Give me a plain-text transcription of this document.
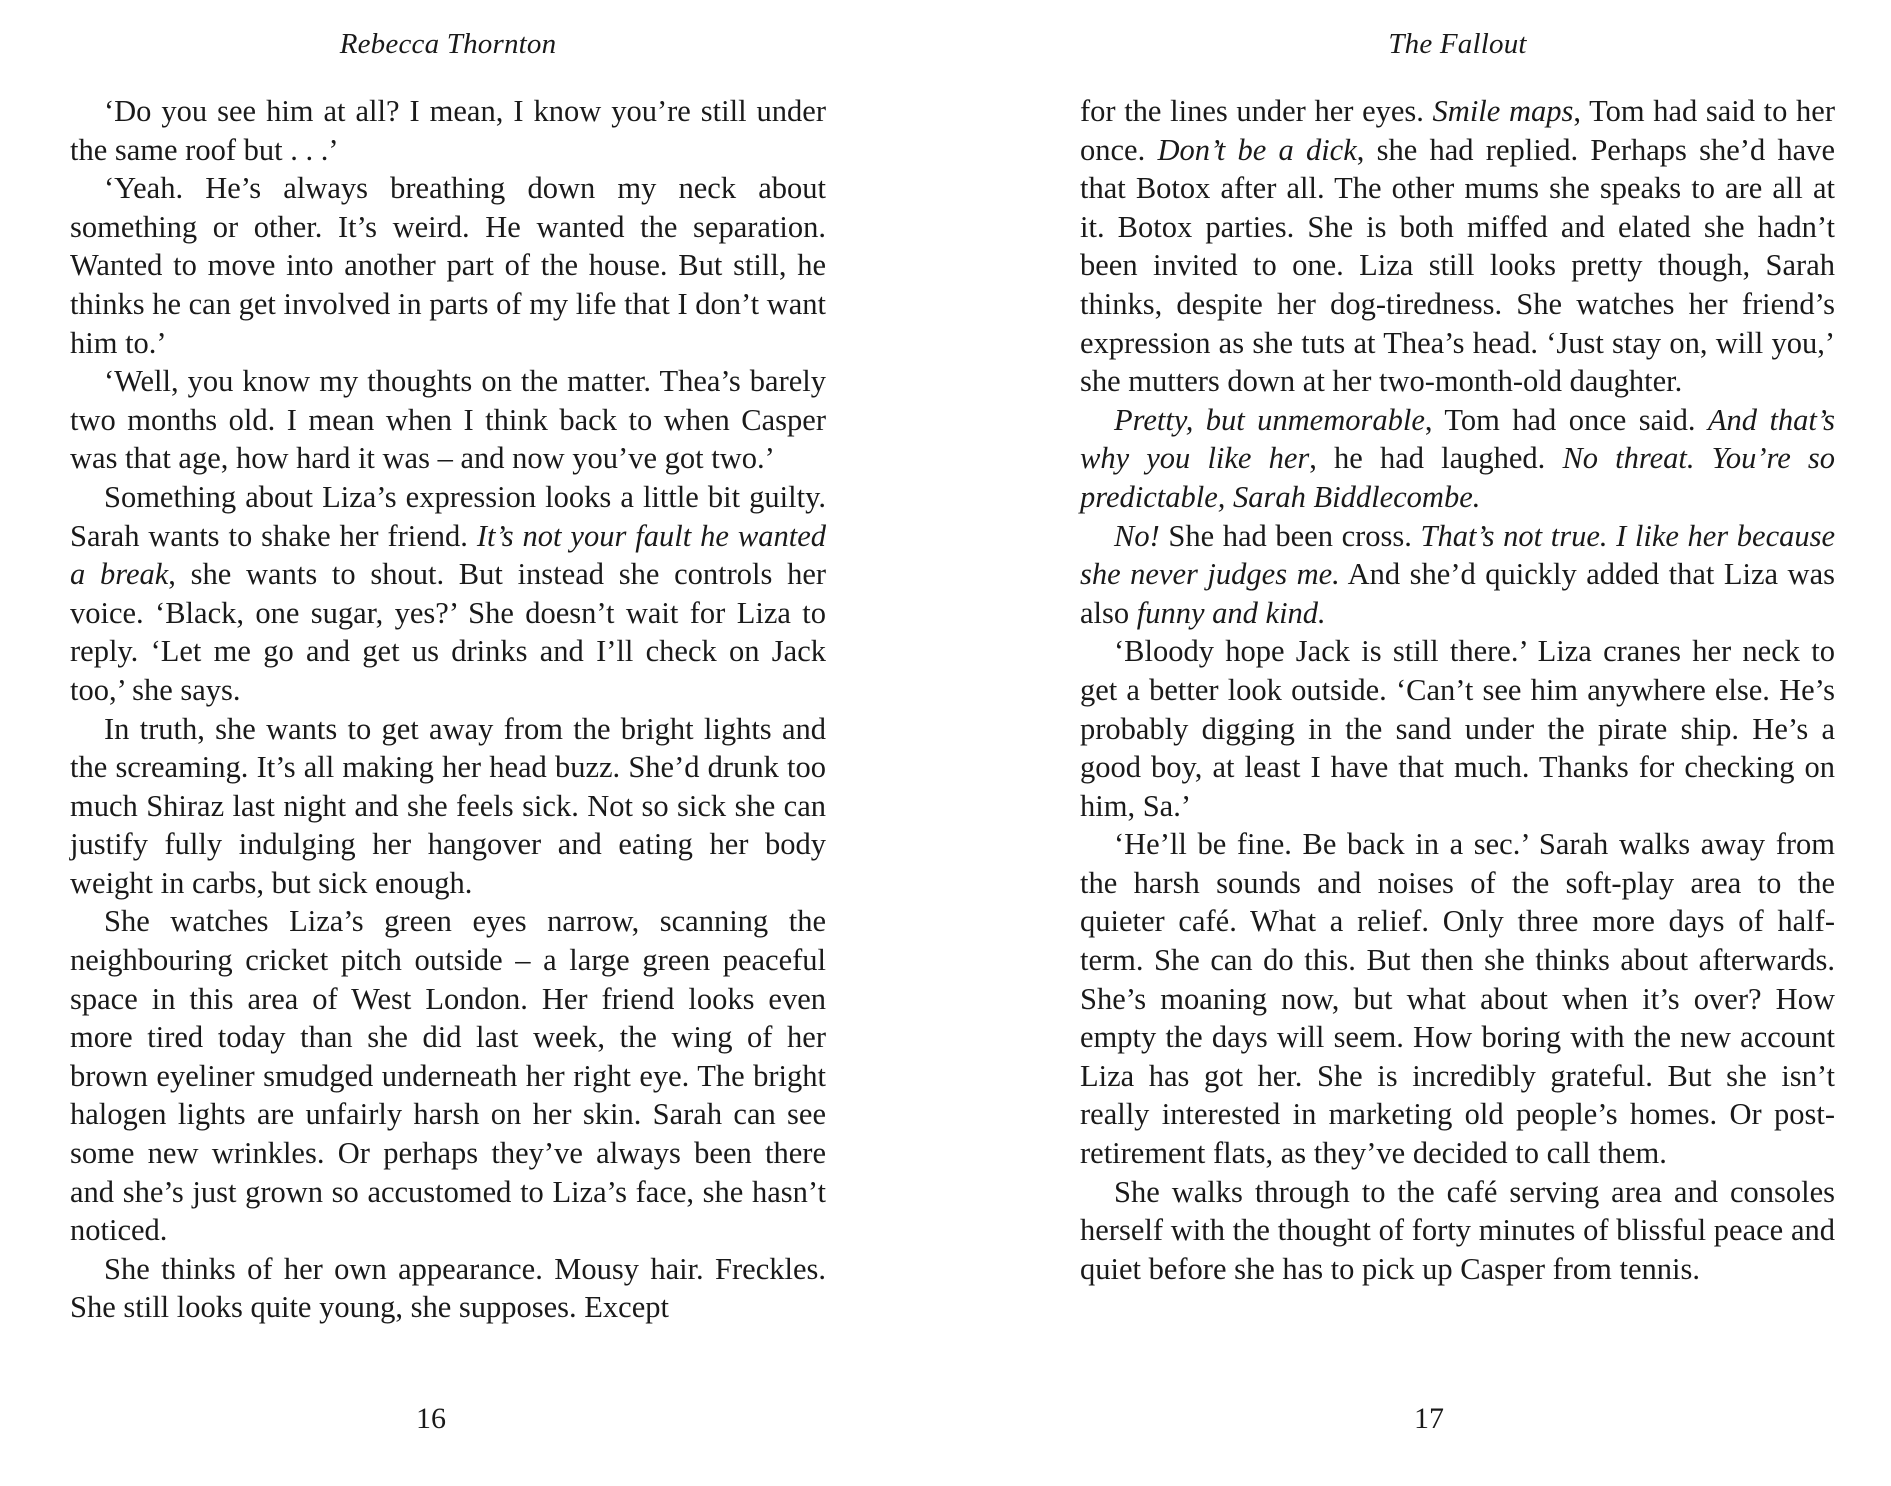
Rebecca Thornton

‘Do you see him at all? I mean, I know you’re still under the same roof but . . .’

‘Yeah. He’s always breathing down my neck about something or other. It’s weird. He wanted the separation. Wanted to move into another part of the house. But still, he thinks he can get involved in parts of my life that I don’t want him to.’

‘Well, you know my thoughts on the matter. Thea’s barely two months old. I mean when I think back to when Casper was that age, how hard it was – and now you’ve got two.’

Something about Liza’s expression looks a little bit guilty. Sarah wants to shake her friend. It’s not your fault he wanted a break, she wants to shout. But instead she controls her voice. ‘Black, one sugar, yes?’ She doesn’t wait for Liza to reply. ‘Let me go and get us drinks and I’ll check on Jack too,’ she says.

In truth, she wants to get away from the bright lights and the screaming. It’s all making her head buzz. She’d drunk too much Shiraz last night and she feels sick. Not so sick she can justify fully indulging her hangover and eating her body weight in carbs, but sick enough.

She watches Liza’s green eyes narrow, scanning the neighbouring cricket pitch outside – a large green peaceful space in this area of West London. Her friend looks even more tired today than she did last week, the wing of her brown eyeliner smudged underneath her right eye. The bright halogen lights are unfairly harsh on her skin. Sarah can see some new wrinkles. Or perhaps they’ve always been there and she’s just grown so accustomed to Liza’s face, she hasn’t noticed.

She thinks of her own appearance. Mousy hair. Freckles. She still looks quite young, she supposes. Except

16
The Fallout

for the lines under her eyes. Smile maps, Tom had said to her once. Don’t be a dick, she had replied. Perhaps she’d have that Botox after all. The other mums she speaks to are all at it. Botox parties. She is both miffed and elated she hadn’t been invited to one. Liza still looks pretty though, Sarah thinks, despite her dog-tiredness. She watches her friend’s expression as she tuts at Thea’s head. ‘Just stay on, will you,’ she mutters down at her two-month-old daughter.

Pretty, but unmemorable, Tom had once said. And that’s why you like her, he had laughed. No threat. You’re so predictable, Sarah Biddlecombe.

No! She had been cross. That’s not true. I like her because she never judges me. And she’d quickly added that Liza was also funny and kind.

‘Bloody hope Jack is still there.’ Liza cranes her neck to get a better look outside. ‘Can’t see him anywhere else. He’s probably digging in the sand under the pirate ship. He’s a good boy, at least I have that much. Thanks for checking on him, Sa.’

‘He’ll be fine. Be back in a sec.’ Sarah walks away from the harsh sounds and noises of the soft-play area to the quieter café. What a relief. Only three more days of half-term. She can do this. But then she thinks about afterwards. She’s moaning now, but what about when it’s over? How empty the days will seem. How boring with the new account Liza has got her. She is incredibly grateful. But she isn’t really interested in marketing old people’s homes. Or post-retirement flats, as they’ve decided to call them.

She walks through to the café serving area and consoles herself with the thought of forty minutes of blissful peace and quiet before she has to pick up Casper from tennis.

17
